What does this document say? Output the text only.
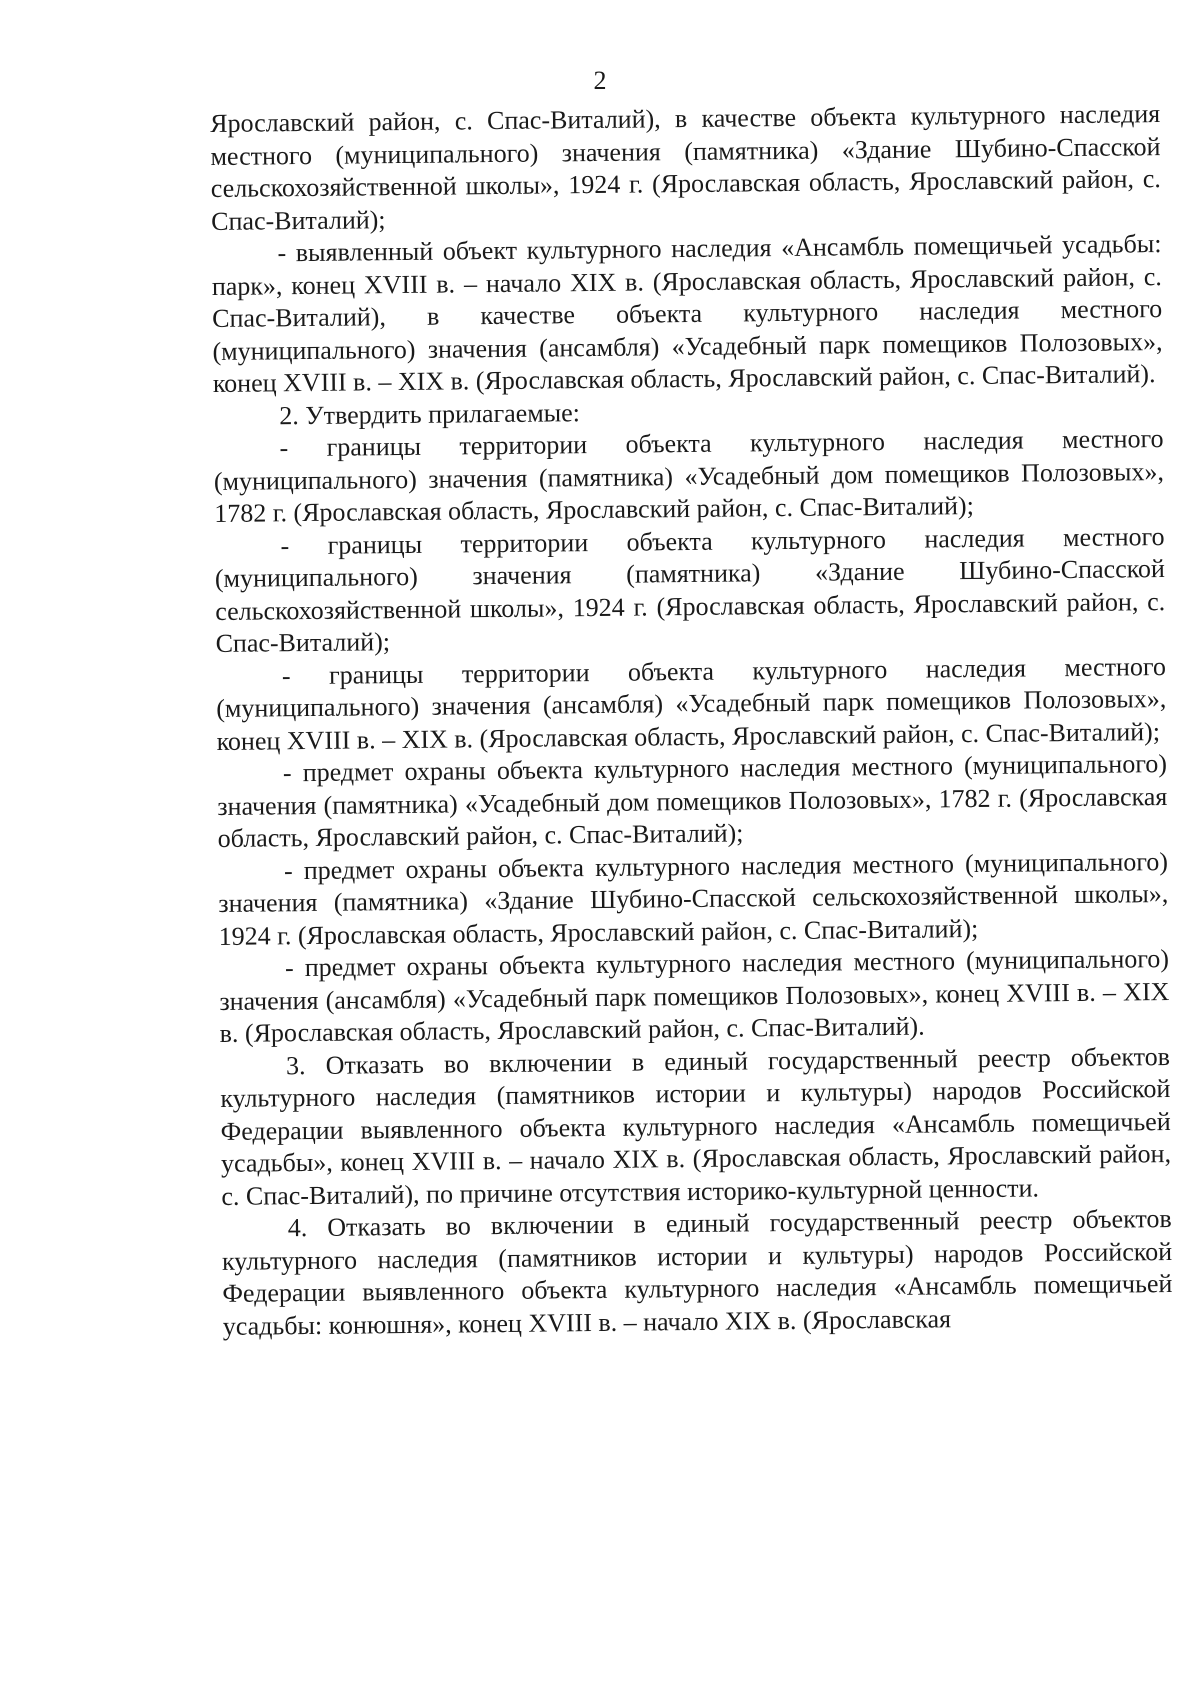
2

Ярославский район, с. Спас-Виталий), в качестве объекта культурного наследия местного (муниципального) значения (памятника) «Здание Шубино-Спасской сельскохозяйственной школы», 1924 г. (Ярославская область, Ярославский район, с. Спас-Виталий);

- выявленный объект культурного наследия «Ансамбль помещичьей усадьбы: парк», конец XVIII в. – начало XIX в. (Ярославская область, Ярославский район, с. Спас-Виталий), в качестве объекта культурного наследия местного (муниципального) значения (ансамбля) «Усадебный парк помещиков Полозовых», конец XVIII в. – XIX в. (Ярославская область, Ярославский район, с. Спас-Виталий).

2. Утвердить прилагаемые:

- границы территории объекта культурного наследия местного (муниципального) значения (памятника) «Усадебный дом помещиков Полозовых», 1782 г. (Ярославская область, Ярославский район, с. Спас-Виталий);

- границы территории объекта культурного наследия местного (муниципального) значения (памятника) «Здание Шубино-Спасской сельскохозяйственной школы», 1924 г. (Ярославская область, Ярославский район, с. Спас-Виталий);

- границы территории объекта культурного наследия местного (муниципального) значения (ансамбля) «Усадебный парк помещиков Полозовых», конец XVIII в. – XIX в. (Ярославская область, Ярославский район, с. Спас-Виталий);

- предмет охраны объекта культурного наследия местного (муниципального) значения (памятника) «Усадебный дом помещиков Полозовых», 1782 г. (Ярославская область, Ярославский район, с. Спас-Виталий);

- предмет охраны объекта культурного наследия местного (муниципального) значения (памятника) «Здание Шубино-Спасской сельскохозяйственной школы», 1924 г. (Ярославская область, Ярославский район, с. Спас-Виталий);

- предмет охраны объекта культурного наследия местного (муниципального) значения (ансамбля) «Усадебный парк помещиков Полозовых», конец XVIII в. – XIX в. (Ярославская область, Ярославский район, с. Спас-Виталий).

3. Отказать во включении в единый государственный реестр объектов культурного наследия (памятников истории и культуры) народов Российской Федерации выявленного объекта культурного наследия «Ансамбль помещичьей усадьбы», конец XVIII в. – начало XIX в. (Ярославская область, Ярославский район, с. Спас-Виталий), по причине отсутствия историко-культурной ценности.

4. Отказать во включении в единый государственный реестр объектов культурного наследия (памятников истории и культуры) народов Российской Федерации выявленного объекта культурного наследия «Ансамбль помещичьей усадьбы: конюшня», конец XVIII в. – начало XIX в. (Ярославская
